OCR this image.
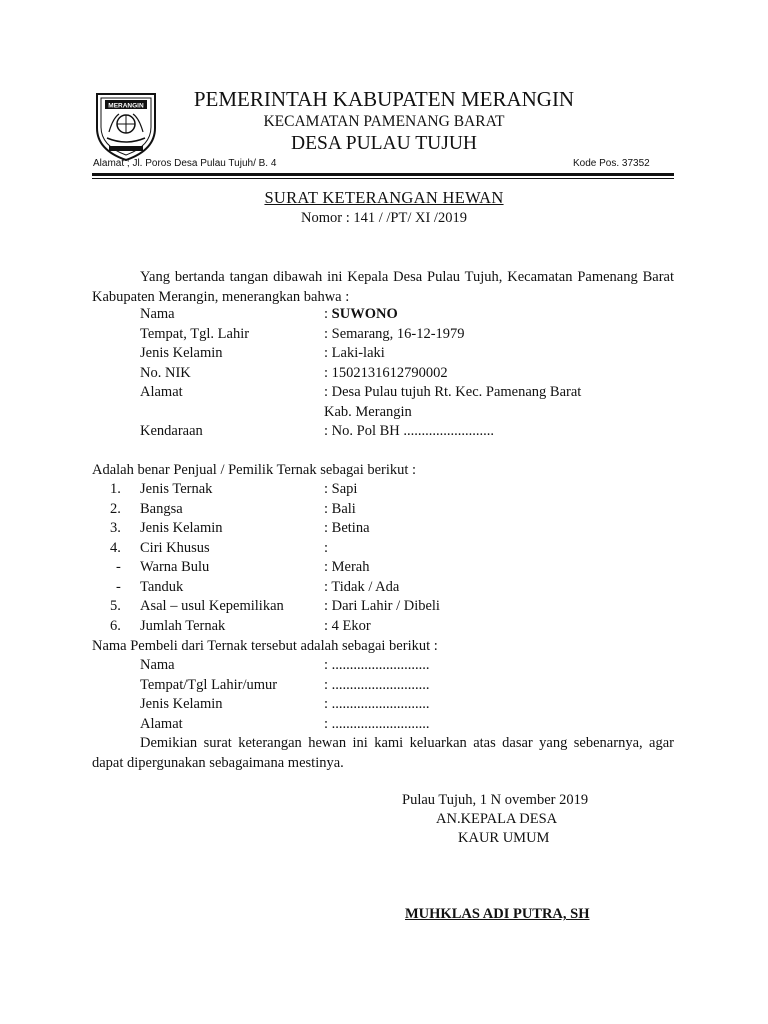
MERANGIN	PEMERINTAH KABUPATEN MERANGIN
KECAMATAN PAMENANG BARAT
DESA PULAU TUJUH
Alamat ; Jl. Poros Desa Pulau Tujuh/ B. 4	Kode Pos. 37352
SURAT KETERANGAN HEWAN
Nomor : 141 / /PT/ XI /2019
Yang bertanda tangan dibawah ini Kepala Desa Pulau Tujuh, Kecamatan Pamenang Barat Kabupaten Merangin, menerangkan bahwa :
Nama	: SUWONO
Tempat, Tgl. Lahir	: Semarang, 16-12-1979
Jenis Kelamin	: Laki-laki
No. NIK	: 1502131612790002
Alamat	: Desa Pulau tujuh Rt. Kec. Pamenang Barat
Kab. Merangin
Kendaraan	: No. Pol BH .........................
Adalah benar Penjual / Pemilik Ternak sebagai berikut :
1. Jenis Ternak	: Sapi
2. Bangsa	: Bali
3. Jenis Kelamin	: Betina
4. Ciri Khusus	:
- Warna Bulu	: Merah
- Tanduk	: Tidak / Ada
5. Asal – usul Kepemilikan	: Dari Lahir / Dibeli
6. Jumlah Ternak	: 4 Ekor
Nama Pembeli dari Ternak tersebut adalah sebagai berikut :
Nama	: ...........................
Tempat/Tgl Lahir/umur	: ...........................
Jenis Kelamin	: ...........................
Alamat	: ...........................
Demikian surat keterangan hewan ini kami keluarkan atas dasar yang sebenarnya, agar dapat dipergunakan sebagaimana mestinya.
Pulau Tujuh, 1 N ovember 2019
AN.KEPALA DESA
KAUR UMUM
MUHKLAS ADI PUTRA, SH
